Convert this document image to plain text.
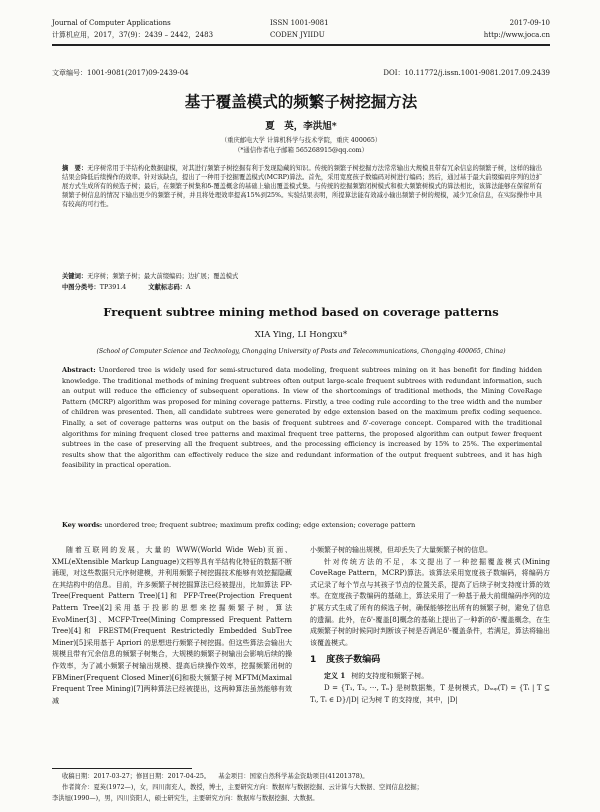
Journal of Computer Applications
计算机应用，2017，37(9)：2439 – 2442，2483
ISSN 1001-9081
CODEN JYIIDU
2017-09-10
http://www.joca.cn
文章编号：1001-9081(2017)09-2439-04	DOI：10.11772/j.issn.1001-9081.2017.09.2439
基于覆盖模式的频繁子树挖掘方法
夏　英，李洪旭*
（重庆邮电大学 计算机科学与技术学院，重庆 400065）
（*通信作者电子邮箱 565268915@qq.com）
摘　要：无序树常用于半结构化数据建模，对其进行频繁子树挖掘有利于发现隐藏的知识。传统的频繁子树挖掘方法常常输出大规模且带有冗余信息的频繁子树，这样的输出结果会降低后续操作的效率。针对该缺点，提出了一种用于挖掘覆盖模式(MCRP)算法。首先，采用宽度孩子数编码对树进行编码；然后，通过基于最大前缀编码序列的边扩展方式生成所有的候选子树；最后，在频繁子树集和δ-覆盖概念的基础上输出覆盖模式集。与传统的挖掘频繁闭树模式和极大频繁树模式的算法相比，该算法能够在保留所有频繁子树信息的情况下输出更少的频繁子树，并且将处理效率提高15%到25%。实验结果表明，所提算法能有效减小输出频繁子树的规模，减少冗余信息，在实际操作中具有较高的可行性。
关键词：无序树；频繁子树；最大前缀编码；边扩展；覆盖模式
中图分类号：TP391.4	文献标志码：A
Frequent subtree mining method based on coverage patterns
XIA Ying, LI Hongxu*
(School of Computer Science and Technology, Chongqing University of Posts and Telecommunications, Chongqing 400065, China)
Abstract: Unordered tree is widely used for semi-structured data modeling, frequent subtrees mining on it has benefit for finding hidden knowledge. The traditional methods of mining frequent subtrees often output large-scale frequent subtrees with redundant information, such an output will reduce the efficiency of subsequent operations. In view of the shortcomings of traditional methods, the Mining CoveRage Pattern (MCRP) algorithm was proposed for mining coverage patterns. Firstly, a tree coding rule according to the tree width and the number of children was presented. Then, all candidate subtrees were generated by edge extension based on the maximum prefix coding sequence. Finally, a set of coverage patterns was output on the basis of frequent subtrees and δ'-coverage concept. Compared with the traditional algorithms for mining frequent closed tree patterns and maximal frequent tree patterns, the proposed algorithm can output fewer frequent subtrees in the case of preserving all the frequent subtrees, and the processing efficiency is increased by 15% to 25%. The experimental results show that the algorithm can effectively reduce the size and redundant information of the output frequent subtrees, and it has high feasibility in practical operation.
Key words: unordered tree; frequent subtree; maximum prefix coding; edge extension; coverage pattern
随着互联网的发展，大量的 WWW(World Wide Web)页面、XML(eXtensible Markup Language)文档等具有半结构化特征的数据不断涌现，对这些数据只元序树建模，并利用频繁子树挖掘技术能够有效挖掘隐藏在其结构中的信息。目前，许多频繁子树挖掘算法已经被提出，比如算法 FP-Tree(Frequent Pattern Tree)[1]和 PFP-Tree(Projection Frequent Pattern Tree)[2]采用基于投影的思想来挖掘频繁子树，算法 EvoMiner[3]、MCFP-Tree(Mining Compressed Frequent Pattern Tree)[4]和 FRESTM(Frequent Restrictedly Embedded SubTree Miner)[5]采用基于 Apriori 的思想进行频繁子树挖掘。但这些算法会输出大规模且带有冗余信息的频繁子树集合，大规模的频繁子树输出会影响后续的操作效率，为了减小频繁子树输出规模、提高后续操作效率，挖掘频繁闭树的 FBMiner(Frequent Closed Miner)[6]和极大频繁子树 MFTM(Maximal Frequent Tree Mining)[7]两种算法已经被提出，这两种算法虽然能够有效减

小频繁子树的输出规模，但却丢失了大量频繁子树的信息。

针对传统方法的不足，本文提出了一种挖掘覆盖模式(Mining CoveRage Pattern，MCRP)算法。该算法采用宽度孩子数编码，将编码方式记录了每个节点与其孩子节点的位置关系，提高了后续子树支持度计算的效率。在宽度孩子数编码的基础上，算法采用了一种基于最大前缀编码序列的边扩展方式生成了所有的候选子树，确保能够挖出所有的频繁子树，避免了信息的遗漏。此外，在δ'-覆盖[8]概念的基础上提出了一种新的δ'-覆盖概念，在生成频繁子树的时候同时判断该子树是否满足δ'-覆盖条件，若满足，算法将输出该覆盖模式。

1 度孩子数编码

定义 1 树的支持度和频繁子树。

D = {T₁, T₂, ⋯, Tₙ} 是树数据集，T 是树模式，Dₛᵤₚ(T) = {Tᵢ | T ⊆ Tᵢ, Tᵢ ∈ D}/|D| 记为树 T 的支持度，其中，|D|

收稿日期：2017-03-27；修回日期：2017-04-25。 基金项目：国家自然科学基金资助项目(41201378)。
作者简介：夏英(1972—)，女，四川南充人，教授，博士，主要研究方向：数据库与数据挖掘、云计算与大数据、空间信息挖掘；
李洪旭(1990—)，男，四川资阳人，硕士研究生，主要研究方向：数据库与数据挖掘、大数据。
